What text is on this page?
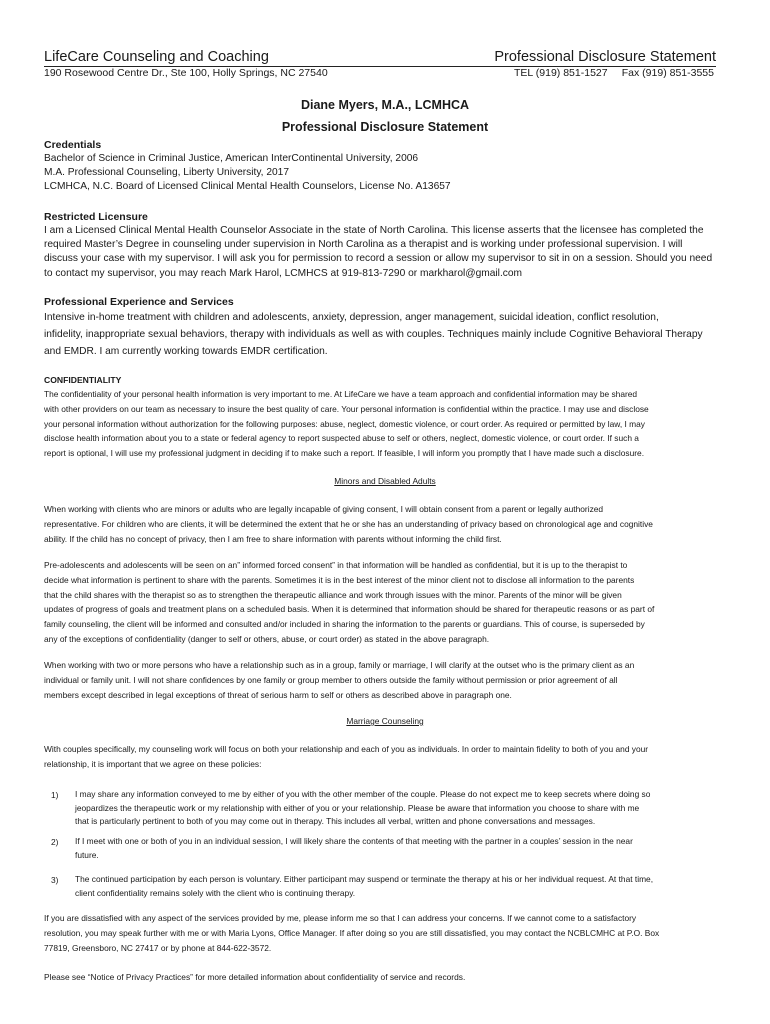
LifeCare Counseling and Coaching	Professional Disclosure Statement
190 Rosewood Centre Dr., Ste 100, Holly Springs, NC 27540	TEL (919) 851-1527 Fax (919) 851-3555
Diane Myers, M.A., LCMHCA
Professional Disclosure Statement
Credentials
Bachelor of Science in Criminal Justice, American InterContinental University, 2006
M.A. Professional Counseling, Liberty University, 2017
LCMHCA, N.C. Board of Licensed Clinical Mental Health Counselors, License No. A13657
Restricted Licensure
I am a Licensed Clinical Mental Health Counselor Associate in the state of North Carolina. This license asserts that the licensee has completed the
required Master’s Degree in counseling under supervision in North Carolina as a therapist and is working under professional supervision. I will
discuss your case with my supervisor. I will ask you for permission to record a session or allow my supervisor to sit in on a session. Should you need
to contact my supervisor, you may reach Mark Harol, LCMHCS at 919-813-7290 or markharol@gmail.com
Professional Experience and Services
Intensive in-home treatment with children and adolescents, anxiety, depression, anger management, suicidal ideation, conflict resolution,
infidelity, inappropriate sexual behaviors, therapy with individuals as well as with couples. Techniques mainly include Cognitive Behavioral Therapy
and EMDR. I am currently working towards EMDR certification.
CONFIDENTIALITY
The confidentiality of your personal health information is very important to me. At LifeCare we have a team approach and confidential information may be shared
with other providers on our team as necessary to insure the best quality of care. Your personal information is confidential within the practice. I may use and disclose
your personal information without authorization for the following purposes: abuse, neglect, domestic violence, or court order. As required or permitted by law, I may
disclose health information about you to a state or federal agency to report suspected abuse to self or others, neglect, domestic violence, or court order. If such a
report is optional, I will use my professional judgment in deciding if to make such a report. If feasible, I will inform you promptly that I have made such a disclosure.
Minors and Disabled Adults
When working with clients who are minors or adults who are legally incapable of giving consent, I will obtain consent from a parent or legally authorized
representative. For children who are clients, it will be determined the extent that he or she has an understanding of privacy based on chronological age and cognitive
ability. If the child has no concept of privacy, then I am free to share information with parents without informing the child first.
Pre-adolescents and adolescents will be seen on an” informed forced consent” in that information will be handled as confidential, but it is up to the therapist to
decide what information is pertinent to share with the parents. Sometimes it is in the best interest of the minor client not to disclose all information to the parents
that the child shares with the therapist so as to strengthen the therapeutic alliance and work through issues with the minor. Parents of the minor will be given
updates of progress of goals and treatment plans on a scheduled basis. When it is determined that information should be shared for therapeutic reasons or as part of
family counseling, the client will be informed and consulted and/or included in sharing the information to the parents or guardians. This of course, is superseded by
any of the exceptions of confidentiality (danger to self or others, abuse, or court order) as stated in the above paragraph.
When working with two or more persons who have a relationship such as in a group, family or marriage, I will clarify at the outset who is the primary client as an
individual or family unit. I will not share confidences by one family or group member to others outside the family without permission or prior agreement of all
members except described in legal exceptions of threat of serious harm to self or others as described above in paragraph one.
Marriage Counseling
With couples specifically, my counseling work will focus on both your relationship and each of you as individuals. In order to maintain fidelity to both of you and your
relationship, it is important that we agree on these policies:
1) I may share any information conveyed to me by either of you with the other member of the couple. Please do not expect me to keep secrets where doing so
jeopardizes the therapeutic work or my relationship with either of you or your relationship. Please be aware that information you choose to share with me
that is particularly pertinent to both of you may come out in therapy. This includes all verbal, written and phone conversations and messages.
2) If I meet with one or both of you in an individual session, I will likely share the contents of that meeting with the partner in a couples’ session in the near
future.
3) The continued participation by each person is voluntary. Either participant may suspend or terminate the therapy at his or her individual request. At that time,
client confidentiality remains solely with the client who is continuing therapy.
If you are dissatisfied with any aspect of the services provided by me, please inform me so that I can address your concerns. If we cannot come to a satisfactory
resolution, you may speak further with me or with Maria Lyons, Office Manager. If after doing so you are still dissatisfied, you may contact the NCBLCMHC at P.O. Box
77819, Greensboro, NC 27417 or by phone at 844-622-3572.
Please see “Notice of Privacy Practices” for more detailed information about confidentiality of service and records.
